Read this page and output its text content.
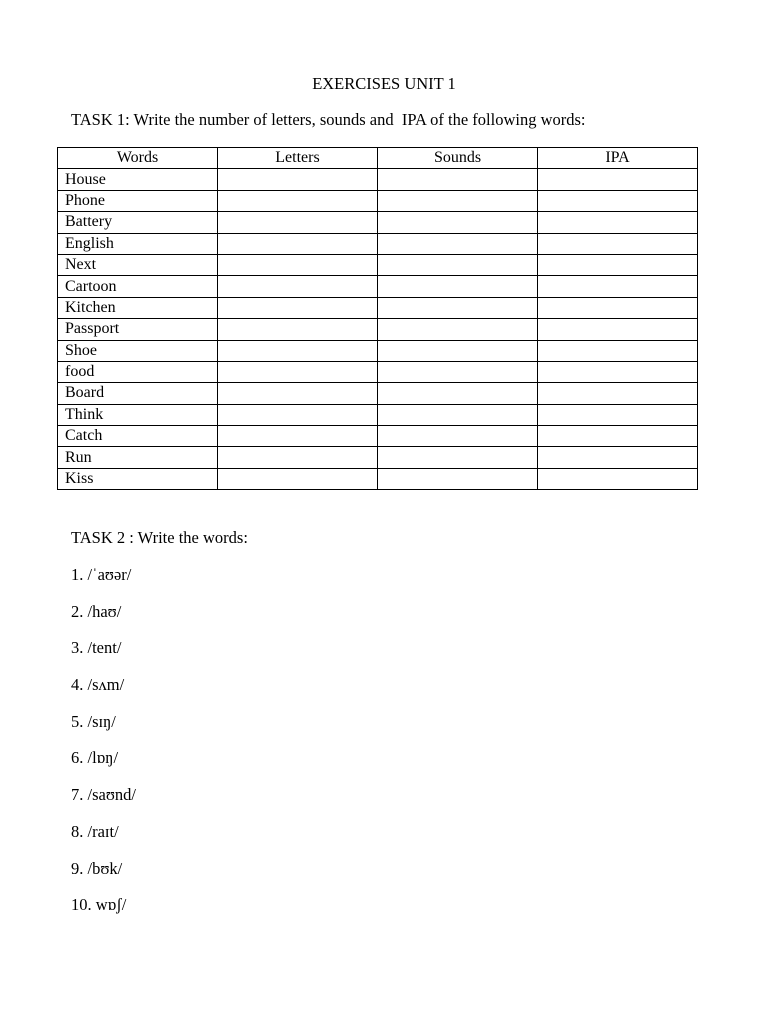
EXERCISES UNIT 1
TASK 1: Write the number of letters, sounds and  IPA of the following words:
Words	Letters	Sounds	IPA
House			
Phone			
Battery			
English			
Next			
Cartoon			
Kitchen			
Passport			
Shoe			
food			
Board			
Think			
Catch			
Run			
Kiss			
TASK 2 : Write the words:
1. /ˈaʊər/
2. /haʊ/
3. /tent/
4. /sʌm/
5. /sɪŋ/
6. /lɒŋ/
7. /saʊnd/
8. /raɪt/
9. /bʊk/
10. wɒʃ/
